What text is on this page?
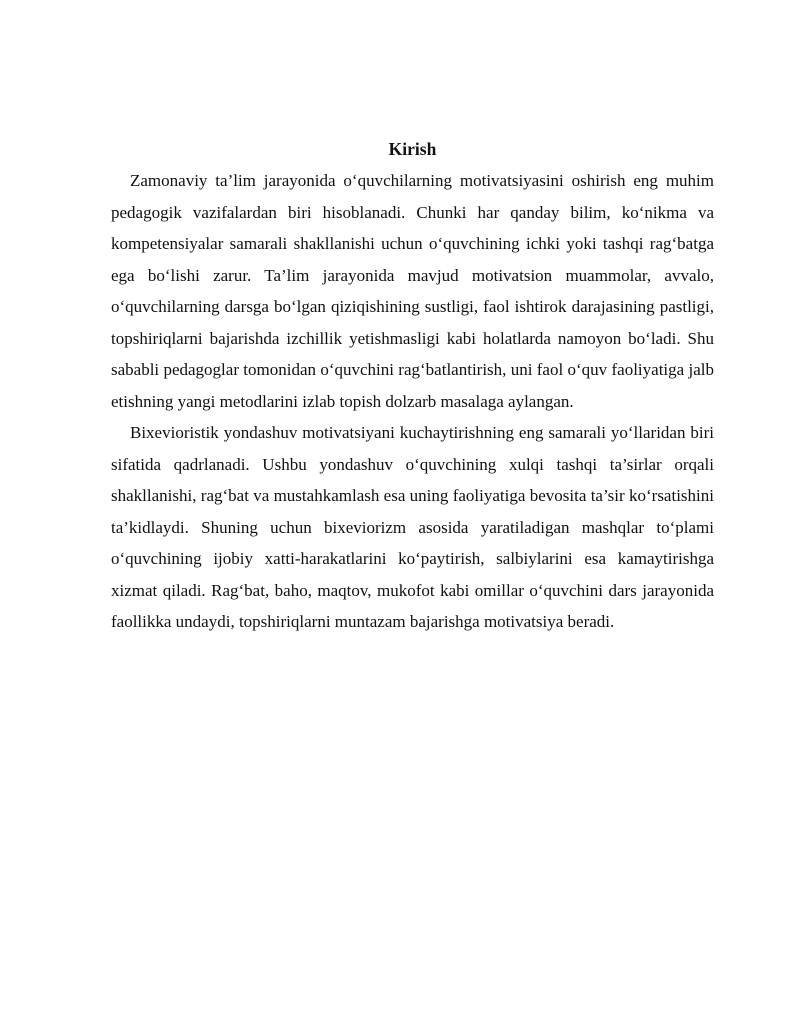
Kirish

Zamonaviy ta’lim jarayonida o‘quvchilarning motivatsiyasini oshirish eng muhim pedagogik vazifalardan biri hisoblanadi. Chunki har qanday bilim, ko‘nikma va kompetensiyalar samarali shakllanishi uchun o‘quvchining ichki yoki tashqi rag‘batga ega bo‘lishi zarur. Ta’lim jarayonida mavjud motivatsion muammolar, avvalo, o‘quvchilarning darsga bo‘lgan qiziqishining sustligi, faol ishtirok darajasining pastligi, topshiriqlarni bajarishda izchillik yetishmasligi kabi holatlarda namoyon bo‘ladi. Shu sababli pedagoglar tomonidan o‘quvchini rag‘batlantirish, uni faol o‘quv faoliyatiga jalb etishning yangi metodlarini izlab topish dolzarb masalaga aylangan.

Bixevioristik yondashuv motivatsiyani kuchaytirishning eng samarali yo‘llaridan biri sifatida qadrlanadi. Ushbu yondashuv o‘quvchining xulqi tashqi ta’sirlar orqali shakllanishi, rag‘bat va mustahkamlash esa uning faoliyatiga bevosita ta’sir ko‘rsatishini ta’kidlaydi. Shuning uchun bixeviorizm asosida yaratiladigan mashqlar to‘plami o‘quvchining ijobiy xatti-harakatlarini ko‘paytirish, salbiylarini esa kamaytirishga xizmat qiladi. Rag‘bat, baho, maqtov, mukofot kabi omillar o‘quvchini dars jarayonida faollikka undaydi, topshiriqlarni muntazam bajarishga motivatsiya beradi.
